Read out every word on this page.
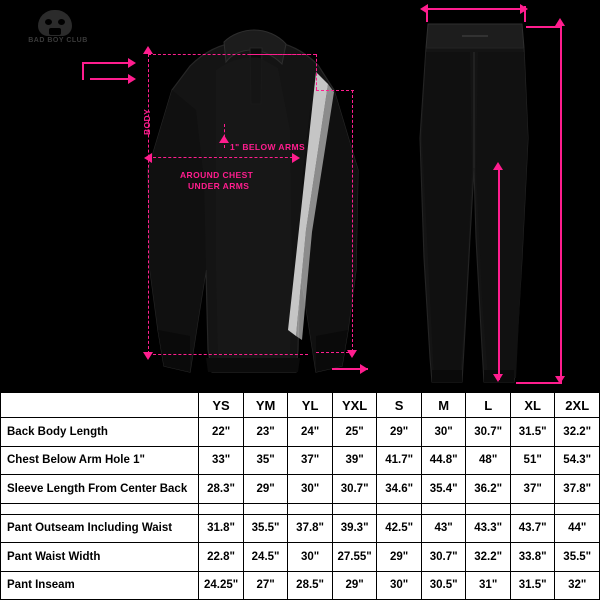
BAD BOY CLUB
BODY
1" BELOW ARMS
AROUND CHEST
UNDER ARMS
	YS	YM	YL	YXL	S	M	L	XL	2XL
Back Body Length	22"	23"	24"	25"	29"	30"	30.7"	31.5"	32.2"
Chest Below Arm Hole 1"	33"	35"	37"	39"	41.7"	44.8"	48"	51"	54.3"
Sleeve Length From Center Back	28.3"	29"	30"	30.7"	34.6"	35.4"	36.2"	37"	37.8"

Pant Outseam Including Waist	31.8"	35.5"	37.8"	39.3"	42.5"	43"	43.3"	43.7"	44"
Pant Waist Width	22.8"	24.5"	30"	27.55"	29"	30.7"	32.2"	33.8"	35.5"
Pant Inseam	24.25"	27"	28.5"	29"	30"	30.5"	31"	31.5"	32"
